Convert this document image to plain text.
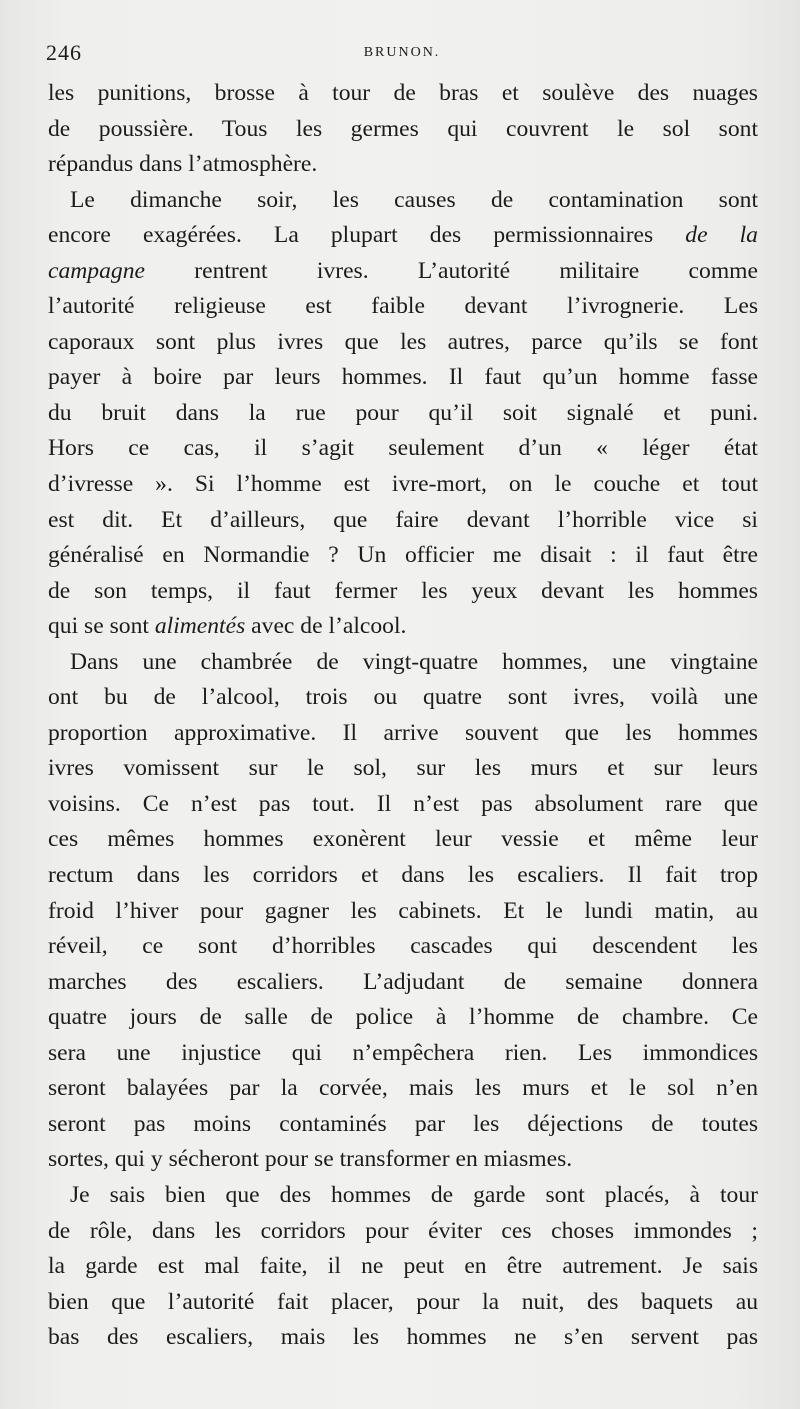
246	BRUNON.
les punitions, brosse à tour de bras et soulève des nuages
de poussière. Tous les germes qui couvrent le sol sont
répandus dans l’atmosphère.
Le dimanche soir, les causes de contamination sont
encore exagérées. La plupart des permissionnaires de la
campagne rentrent ivres. L’autorité militaire comme
l’autorité religieuse est faible devant l’ivrognerie. Les
caporaux sont plus ivres que les autres, parce qu’ils se font
payer à boire par leurs hommes. Il faut qu’un homme fasse
du bruit dans la rue pour qu’il soit signalé et puni.
Hors ce cas, il s’agit seulement d’un « léger état
d’ivresse ». Si l’homme est ivre-mort, on le couche et tout
est dit. Et d’ailleurs, que faire devant l’horrible vice si
généralisé en Normandie ? Un officier me disait : il faut être
de son temps, il faut fermer les yeux devant les hommes
qui se sont alimentés avec de l’alcool.
Dans une chambrée de vingt-quatre hommes, une vingtaine
ont bu de l’alcool, trois ou quatre sont ivres, voilà une
proportion approximative. Il arrive souvent que les hommes
ivres vomissent sur le sol, sur les murs et sur leurs
voisins. Ce n’est pas tout. Il n’est pas absolument rare que
ces mêmes hommes exonèrent leur vessie et même leur
rectum dans les corridors et dans les escaliers. Il fait trop
froid l’hiver pour gagner les cabinets. Et le lundi matin, au
réveil, ce sont d’horribles cascades qui descendent les
marches des escaliers. L’adjudant de semaine donnera
quatre jours de salle de police à l’homme de chambre. Ce
sera une injustice qui n’empêchera rien. Les immondices
seront balayées par la corvée, mais les murs et le sol n’en
seront pas moins contaminés par les déjections de toutes
sortes, qui y sécheront pour se transformer en miasmes.
Je sais bien que des hommes de garde sont placés, à tour
de rôle, dans les corridors pour éviter ces choses immondes ;
la garde est mal faite, il ne peut en être autrement. Je sais
bien que l’autorité fait placer, pour la nuit, des baquets au
bas des escaliers, mais les hommes ne s’en servent pas
